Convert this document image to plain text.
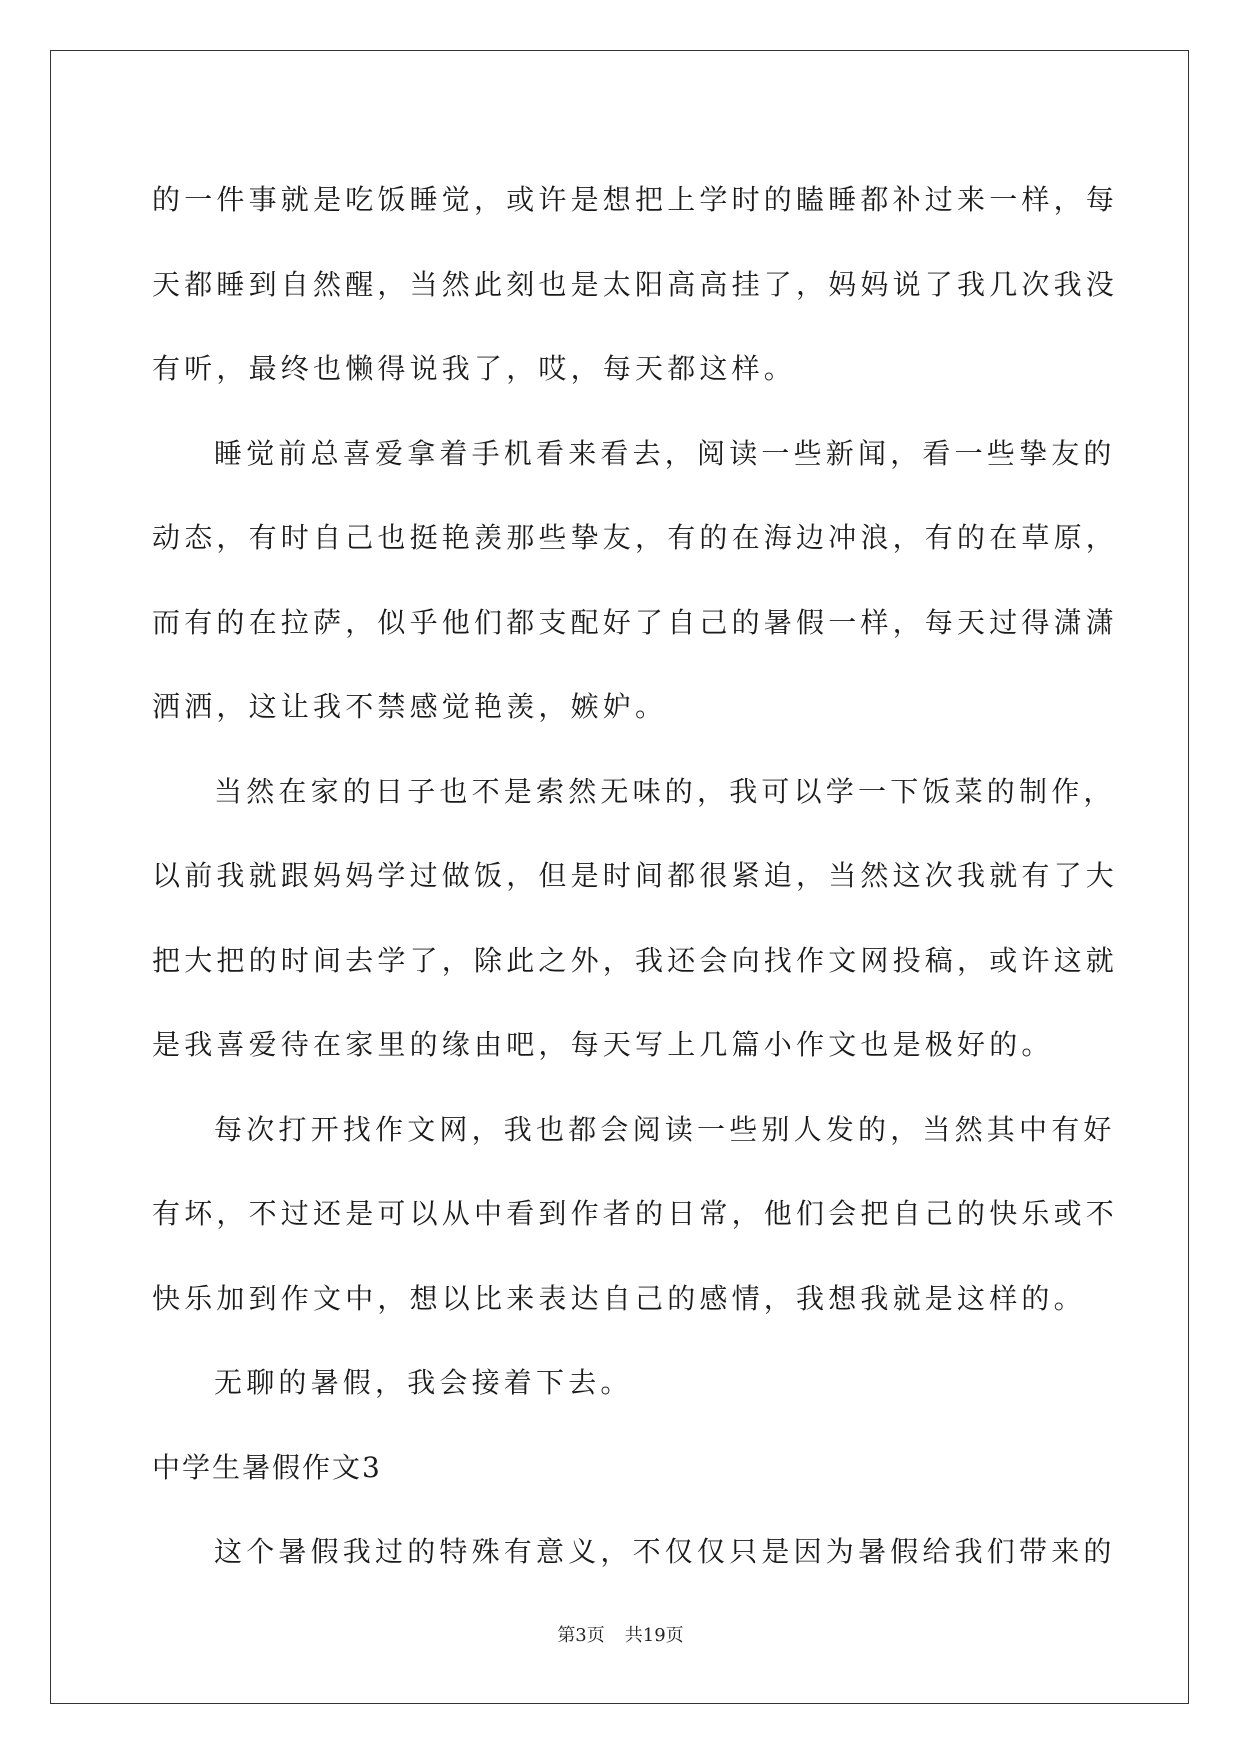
的一件事就是吃饭睡觉，或许是想把上学时的瞌睡都补过来一样，每
天都睡到自然醒，当然此刻也是太阳高高挂了，妈妈说了我几次我没
有听，最终也懒得说我了，哎，每天都这样。
睡觉前总喜爱拿着手机看来看去，阅读一些新闻，看一些挚友的
动态，有时自己也挺艳羡那些挚友，有的在海边冲浪，有的在草原，
而有的在拉萨，似乎他们都支配好了自己的暑假一样，每天过得潇潇
洒洒，这让我不禁感觉艳羡，嫉妒。
当然在家的日子也不是索然无味的，我可以学一下饭菜的制作，
以前我就跟妈妈学过做饭，但是时间都很紧迫，当然这次我就有了大
把大把的时间去学了，除此之外，我还会向找作文网投稿，或许这就
是我喜爱待在家里的缘由吧，每天写上几篇小作文也是极好的。
每次打开找作文网，我也都会阅读一些别人发的，当然其中有好
有坏，不过还是可以从中看到作者的日常，他们会把自己的快乐或不
快乐加到作文中，想以比来表达自己的感情，我想我就是这样的。
无聊的暑假，我会接着下去。
中学生暑假作文3
这个暑假我过的特殊有意义，不仅仅只是因为暑假给我们带来的
第3页 共19页
